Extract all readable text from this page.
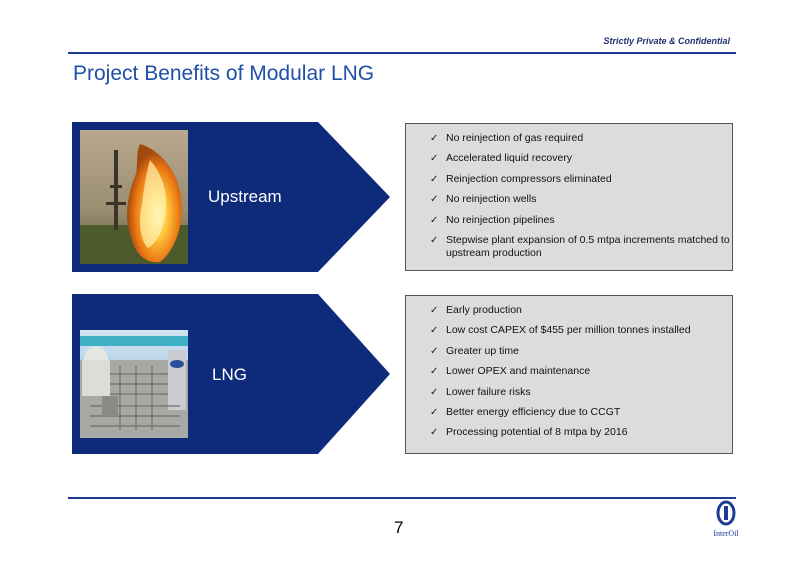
Strictly Private & Confidential
Project Benefits of Modular LNG
Upstream
✓ No reinjection of gas required
✓ Accelerated liquid recovery
✓ Reinjection compressors eliminated
✓ No reinjection wells
✓ No reinjection pipelines
✓ Stepwise plant expansion of 0.5 mtpa increments matched to upstream production
LNG
✓ Early production
✓ Low cost CAPEX of $455 per million tonnes installed
✓ Greater up time
✓ Lower OPEX and maintenance
✓ Lower failure risks
✓ Better energy efficiency due to CCGT
✓ Processing potential of 8 mtpa by 2016
7	InterOil
